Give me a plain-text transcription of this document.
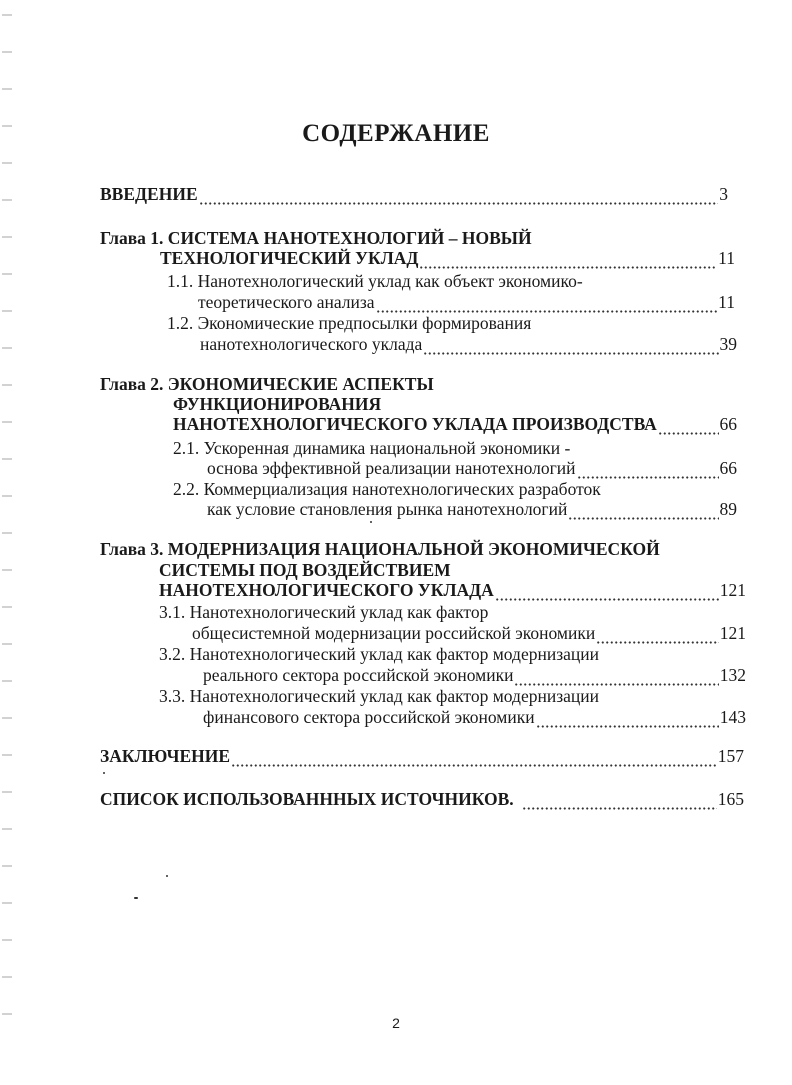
СОДЕРЖАНИЕ
ВВЕДЕНИЕ	3
Глава 1. СИСТЕМА НАНОТЕХНОЛОГИЙ – НОВЫЙ
ТЕХНОЛОГИЧЕСКИЙ УКЛАД	11
1.1. Нанотехнологический уклад как объект экономико-
теоретического анализа	11
1.2. Экономические предпосылки формирования
нанотехнологического уклада	39
Глава 2. ЭКОНОМИЧЕСКИЕ АСПЕКТЫ
ФУНКЦИОНИРОВАНИЯ
НАНОТЕХНОЛОГИЧЕСКОГО УКЛАДА ПРОИЗВОДСТВА	66
2.1. Ускоренная динамика национальной экономики -
основа эффективной реализации нанотехнологий	66
2.2. Коммерциализация нанотехнологических разработок
как условие становления рынка нанотехнологий	89
Глава 3. МОДЕРНИЗАЦИЯ НАЦИОНАЛЬНОЙ ЭКОНОМИЧЕСКОЙ
СИСТЕМЫ ПОД ВОЗДЕЙСТВИЕМ
НАНОТЕХНОЛОГИЧЕСКОГО УКЛАДА	121
3.1. Нанотехнологический уклад как фактор
общесистемной модернизации российской экономики	121
3.2. Нанотехнологический уклад как фактор модернизации
реального сектора российской экономики	132
3.3. Нанотехнологический уклад как фактор модернизации
финансового сектора российской экономики	143
ЗАКЛЮЧЕНИЕ	157
СПИСОК ИСПОЛЬЗОВАНННЫХ ИСТОЧНИКОВ.	165
2
